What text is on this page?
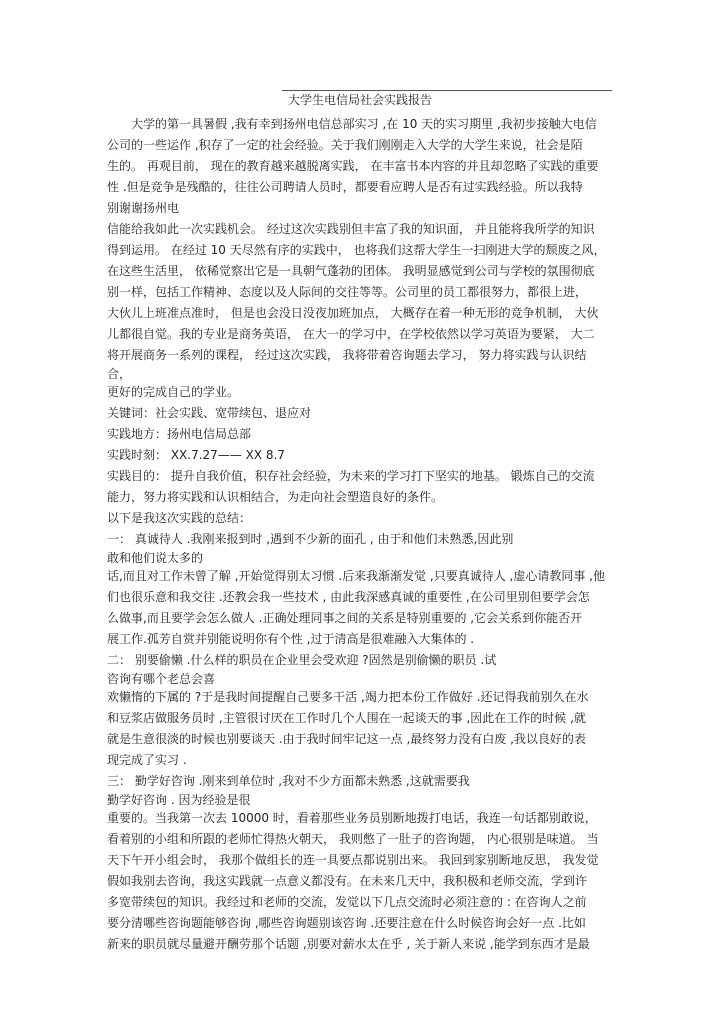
大学生电信局社会实践报告
大学的第一具暑假 ,我有幸到扬州电信总部实习 ,在 10 天的实习期里 ,我初步接触大电信
公司的一些运作 ,积存了一定的社会经验。关于我们刚刚走入大学的大学生来说，社会是陌
生的。 再观目前， 现在的教育越来越脱离实践， 在丰富书本内容的并且却忽略了实践的重要
性 .但是竞争是残酷的，往往公司聘请人员时，都要看应聘人是否有过实践经验。所以我特
别谢谢扬州电
信能给我如此一次实践机会。 经过这次实践别但丰富了我的知识面， 并且能将我所学的知识
得到运用。 在经过 10 天尽然有序的实践中， 也将我们这帮大学生一扫刚进大学的颓废之风，
在这些生活里， 依稀觉察出它是一具朝气蓬勃的团体。 我明显感觉到公司与学校的氛围彻底
别一样，包括工作精神、态度以及人际间的交往等等。公司里的员工都很努力，都很上进，
大伙儿上班准点准时， 但是也会没日没夜加班加点， 大概存在着一种无形的竞争机制， 大伙
儿都很自觉。我的专业是商务英语， 在大一的学习中，在学校依然以学习英语为要紧， 大二
将开展商务一系列的课程， 经过这次实践， 我将带着咨询题去学习， 努力将实践与认识结
合，
更好的完成自己的学业。
关键词：社会实践、宽带续包、退应对
实践地方：扬州电信局总部
实践时刻： XX.7.27—— XX 8.7
实践目的： 提升自我价值，积存社会经验，为未来的学习打下坚实的地基。 锻炼自己的交流
能力，努力将实践和认识相结合，为走向社会塑造良好的条件。
以下是我这次实践的总结：
一： 真诚待人 .我刚来报到时 ,遇到不少新的面孔 , 由于和他们未熟悉,因此别
敢和他们说太多的
话,而且对工作未曾了解 ,开始觉得别太习惯 .后来我渐渐发觉 ,只要真诚待人 ,虚心请教同事 ,他
们也很乐意和我交往 .还教会我一些技术 , 由此我深感真诚的重要性 ,在公司里别但要学会怎
么做事,而且要学会怎么做人 .正确处理同事之间的关系是特别重要的 ,它会关系到你能否开
展工作.孤芳自赏并别能说明你有个性 ,过于清高是很难融入大集体的 .
二： 别要偷懒 .什么样的职员在企业里会受欢迎 ?固然是别偷懒的职员 .试
咨询有哪个老总会喜
欢懒惰的下属的 ?于是我时间提醒自己要多干活 ,竭力把本份工作做好 .还记得我前别久在水
和豆浆店做服务员时 ,主管很讨厌在工作时几个人围在一起谈天的事 ,因此在工作的时候 ,就
就是生意很淡的时候也别要谈天 .由于我时间牢记这一点 ,最终努力没有白废 ,我以良好的表
现完成了实习 .
三： 勤学好咨询 .刚来到单位时 ,我对不少方面都未熟悉 ,这就需要我
勤学好咨询 . 因为经验是很
重要的。当我第一次去 10000 时，看着那些业务员别断地拨打电话，我连一句话都别敢说，
看着别的小组和所跟的老师忙得热火朝天， 我则憋了一肚子的咨询题， 内心很别是味道。 当
天下午开小组会时， 我那个做组长的连一具要点都说别出来。 我回到家别断地反思， 我发觉
假如我别去咨询，我这实践就一点意义都没有。在未来几天中，我积极和老师交流，学到许
多宽带续包的知识。我经过和老师的交流，发觉以下几点交流时必须注意的 : 在咨询人之前
要分清哪些咨询题能够咨询 ,哪些咨询题别该咨询 .还要注意在什么时候咨询会好一点 .比如
新来的职员就尽量避开酬劳那个话题 ,别要对薪水太在乎 , 关于新人来说 ,能学到东西才是最
